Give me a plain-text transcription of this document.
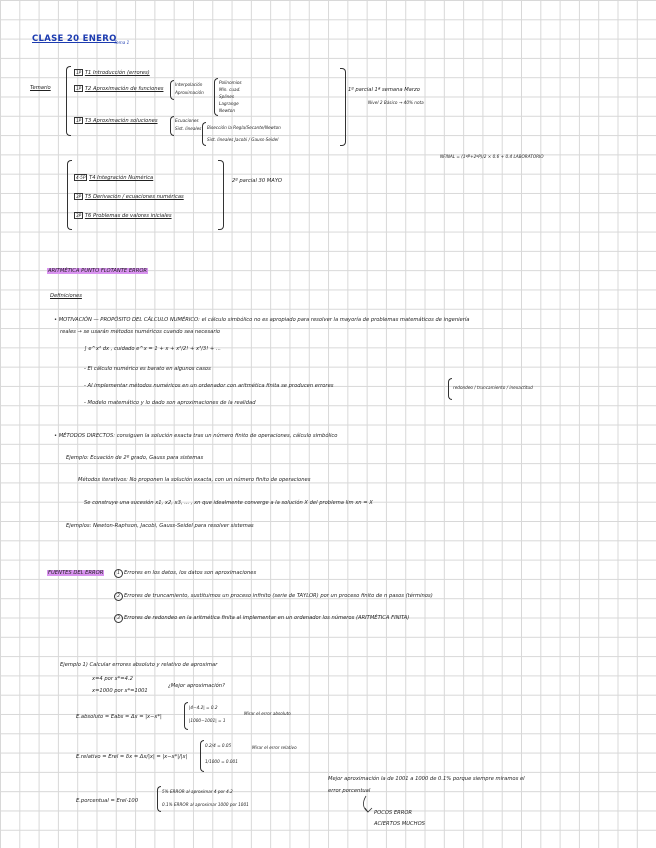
CLASE 20 ENERO
Tema 1
Temario
1P T1 Introducción (errores)
1P T2 Aproximación de funciones
1P T3 Aproximación soluciones
Interpolación
Aproximación
Polinomios
Mín. cuad.
Splines
Lagrange
Newton
Ecuaciones
Sist. lineales Bisección la Regla/Secante/Newton
Sist. lineales Jacobi / Gauss-Seidel
1º parcial 1ª semana Marzo
Nivel 2 Básico → 40% nota
NFINAL = (1ºP+2ºP)/2 × 0.6 + 0.4 LABORATORIO
4-5P T4 Integración Numérica
3P T5 Derivación / ecuaciones numéricas
3P T6 Problemas de valores iniciales
2º parcial 30 MAYO
ARITMÉTICA PUNTO FLOTANTE ERROR
Definiciones
• MOTIVACIÓN — PROPÓSITO DEL CÁLCULO NUMÉRICO: el cálculo simbólico no es apropiado para resolver la mayoría de problemas matemáticos de ingeniería
reales → se usarán métodos numéricos cuando sea necesario
∫ e^x² dx , cuidado e^x = 1 + x + x²/2! + x³/3! + ...
- El cálculo numérico es barato en algunos casos
- Al implementar métodos numéricos en un ordenador con aritmética finita se producen errores	redondeo / truncamiento / inexactitud
- Modelo matemático y lo dado son aproximaciones de la realidad
• MÉTODOS DIRECTOS: consiguen la solución exacta tras un número finito de operaciones, cálculo simbólico
Ejemplo: Ecuación de 2º grado, Gauss para sistemas
Métodos iterativos: No proponen la solución exacta, con un número finito de operaciones
Se construye una sucesión x1, x2, x3, ... , xn que idealmente converge a la solución X del problema lim xn = X
Ejemplos: Newton-Raphson, Jacobi, Gauss-Seidel para resolver sistemas
FUENTES DEL ERROR	1 Errores en los datos, los datos son aproximaciones
2 Errores de truncamiento, sustituimos un proceso infinito (serie de TAYLOR) por un proceso finito de n pasos (términos)
3 Errores de redondeo en la aritmética finita al implementar en un ordenador los números (ARITMÉTICA FINITA)
Ejemplo 1) Calcular errores absoluto y relativo de aproximar
x=4 por x*=4.2
x=1000 por x*=1001
¿Mejor aproximación?
E.absoluto = Eabs = Δx = |x−x*|
|4−4.2| = 0.2
|1000−1001| = 1
Mirar el error absoluto
E.relativo = Erel = δx = Δx/|x| = |x−x*|/|x|
0.2/4 = 0.05
1/1000 = 0.001
Mirar el error relativo
E.porcentual = Erel·100
5% ERROR al aproximar 4 por 4.2
0.1% ERROR al aproximar 1000 por 1001
Mejor aproximación la de 1001 a 1000 de 0.1% porque siempre miramos el
error porcentual
POCOS ERROR
ACIERTOS MUCHOS
